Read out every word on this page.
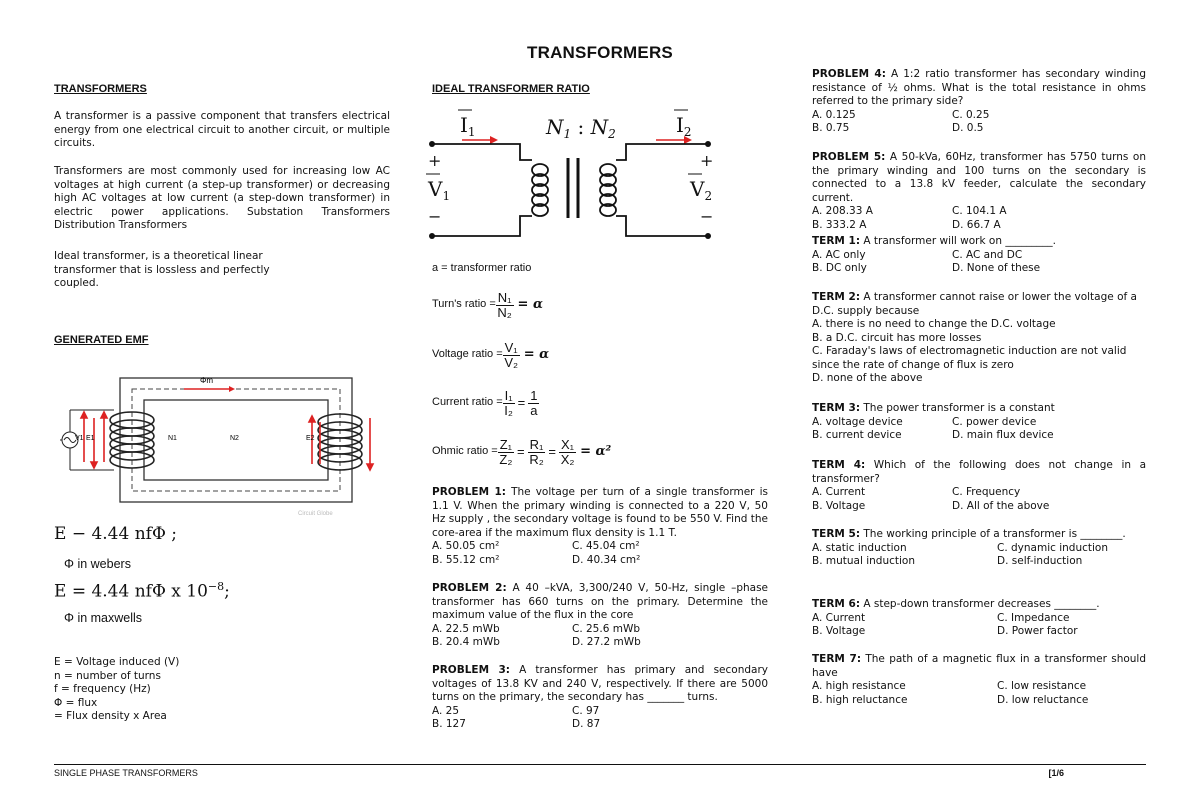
TRANSFORMERS
TRANSFORMERS

A transformer is a passive component that transfers electrical energy from one electrical circuit to another circuit, or multiple circuits.

Transformers are most commonly used for increasing low AC voltages at high current (a step-up transformer) or decreasing high AC voltages at low current (a step-down transformer) in electric power applications. Substation Transformers Distribution Transformers

Ideal transformer, is a theoretical linear transformer that is lossless and perfectly coupled.

GENERATED EMF
Φm
V1 E1	N1	N2	E2
Circuit Globe
E − 4.44 nfΦ ;
Φ in webers
E = 4.44 nfΦ x $10^{-8}$;
Φ in maxwells
E = Voltage induced (V)
n = number of turns
f = frequency (Hz)
Φ = flux
= Flux density x Area
IDEAL TRANSFORMER RATIO
$I_1$	$I_2$
$N_1$ : $N_2$
$V_1$	$V_2$
+	+
−	−
a = transformer ratio
Turn's ratio = $\frac{\text{N₁}}{\text{N₂}} = \alpha$
Voltage ratio = $\frac{\text{V₁}}{\text{V₂}} = \alpha$
Current ratio = $\frac{\text{I₁}}{\text{I₂}} = \frac{1}{a}$
Ohmic ratio = $\frac{\text{Z₁}}{\text{Z₂}} = \frac{\text{R₁}}{\text{R₂}} = \frac{\text{X₁}}{\text{X₂}} = \alpha^2$

PROBLEM 1: The voltage per turn of a single transformer is 1.1 V. When the primary winding is connected to a 220 V, 50 Hz supply , the secondary voltage is found to be 550 V. Find the core-area if the maximum flux density is 1.1 T.

A. 50.05 cm²	C. 45.04 cm²
B. 55.12 cm²	D. 40.34 cm²

PROBLEM 2: A 40 –kVA, 3,300/240 V, 50-Hz, single –phase transformer has 660 turns on the primary. Determine the maximum value of the flux in the core

A. 22.5 mWb	C. 25.6 mWb
B. 20.4 mWb	D. 27.2 mWb

PROBLEM 3: A transformer has primary and secondary voltages of 13.8 KV and 240 V, respectively. If there are 5000 turns on the primary, the secondary has _______ turns.

A. 25	C. 97
B. 127	D. 87

PROBLEM 4: A 1:2 ratio transformer has secondary winding resistance of ½ ohms. What is the total resistance in ohms referred to the primary side?

A. 0.125	C. 0.25
B. 0.75	D. 0.5

PROBLEM 5: A 50-kVa, 60Hz, transformer has 5750 turns on the primary winding and 100 turns on the secondary is connected to a 13.8 kV feeder, calculate the secondary current.

A. 208.33 A	C. 104.1 A
B. 333.2 A	D. 66.7 A

TERM 1: A transformer will work on _________.

A. AC only	C. AC and DC
B. DC only	D. None of these

TERM 2: A transformer cannot raise or lower the voltage of a D.C. supply because

A. there is no need to change the D.C. voltage
B. a D.C. circuit has more losses
C. Faraday's laws of electromagnetic induction are not valid since the rate of change of flux is zero
D. none of the above

TERM 3: The power transformer is a constant

A. voltage device	C. power device
B. current device	D. main flux device

TERM 4: Which of the following does not change in a transformer?

A. Current	C. Frequency
B. Voltage	D. All of the above

TERM 5: The working principle of a transformer is ________.

A. static induction	C. dynamic induction
B. mutual induction	D. self-induction

TERM 6: A step-down transformer decreases ________.

A. Current	C. Impedance
B. Voltage	D. Power factor

TERM 7: The path of a magnetic flux in a transformer should have

A. high resistance	C. low resistance
B. high reluctance	D. low reluctance
SINGLE PHASE TRANSFORMERS	[1/6
